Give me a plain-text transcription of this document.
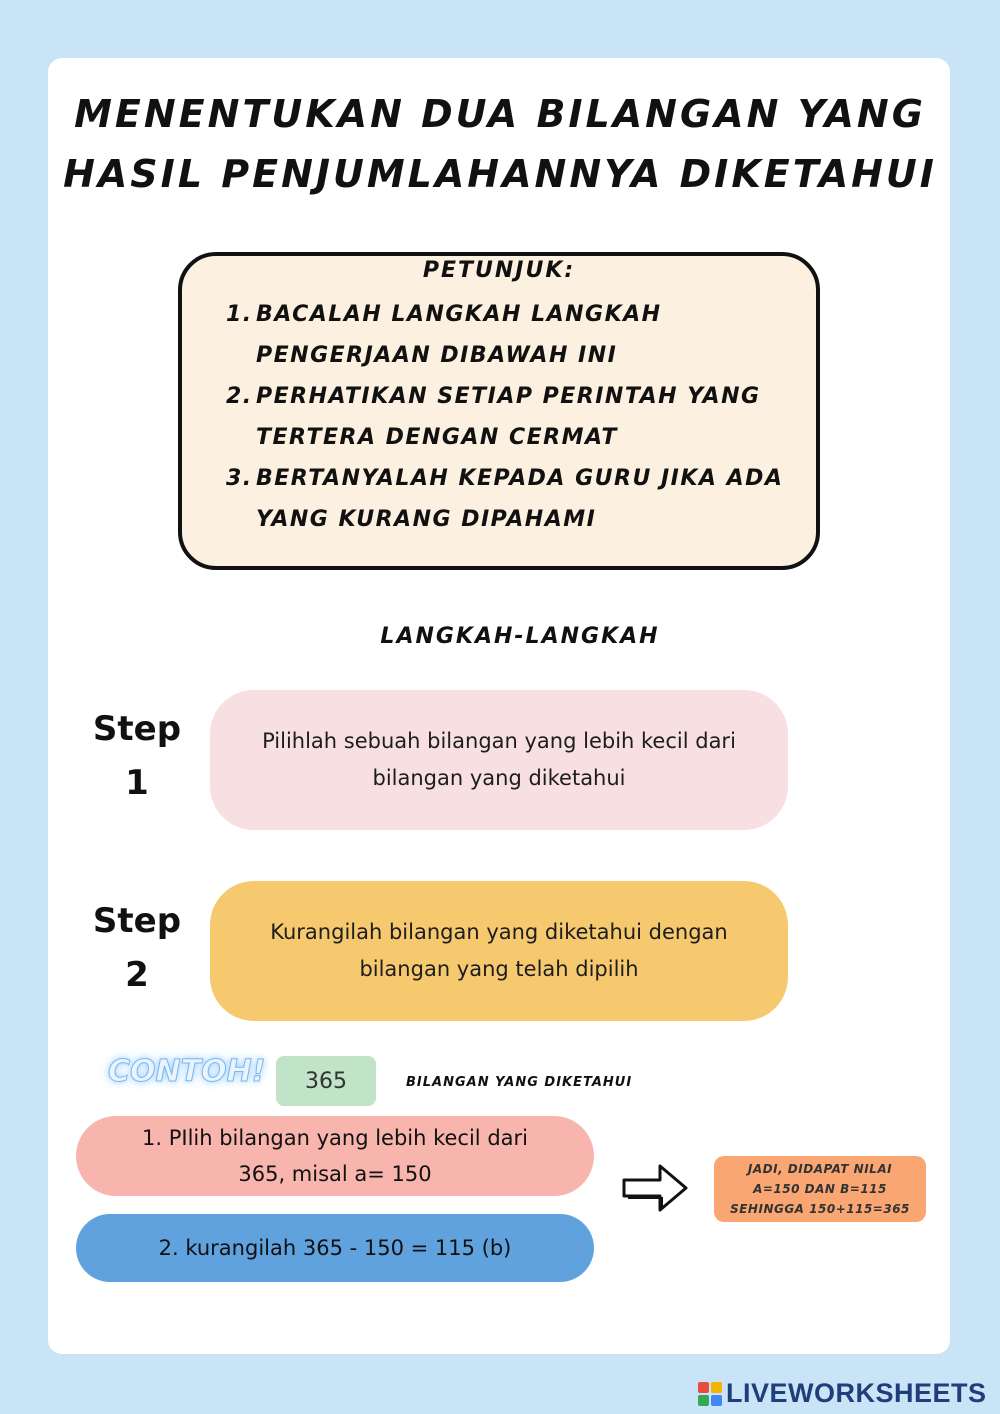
MENENTUKAN DUA BILANGAN YANG
HASIL PENJUMLAHANNYA DIKETAHUI
PETUNJUK:
1. BACALAH LANGKAH LANGKAH PENGERJAAN DIBAWAH INI
2. PERHATIKAN SETIAP PERINTAH YANG TERTERA DENGAN CERMAT
3. BERTANYALAH KEPADA GURU JIKA ADA YANG KURANG DIPAHAMI
LANGKAH-LANGKAH
Step
1
Pilihlah sebuah bilangan yang lebih kecil dari bilangan yang diketahui
Step
2
Kurangilah bilangan yang diketahui dengan bilangan yang telah dipilih
CONTOH! 365	BILANGAN YANG DIKETAHUI
1. PIlih bilangan yang lebih kecil dari 365, misal a= 150
2. kurangilah 365 - 150 = 115 (b)
JADI, DIDAPAT NILAI
A=150 DAN B=115
SEHINGGA 150+115=365
LIVEWORKSHEETS
